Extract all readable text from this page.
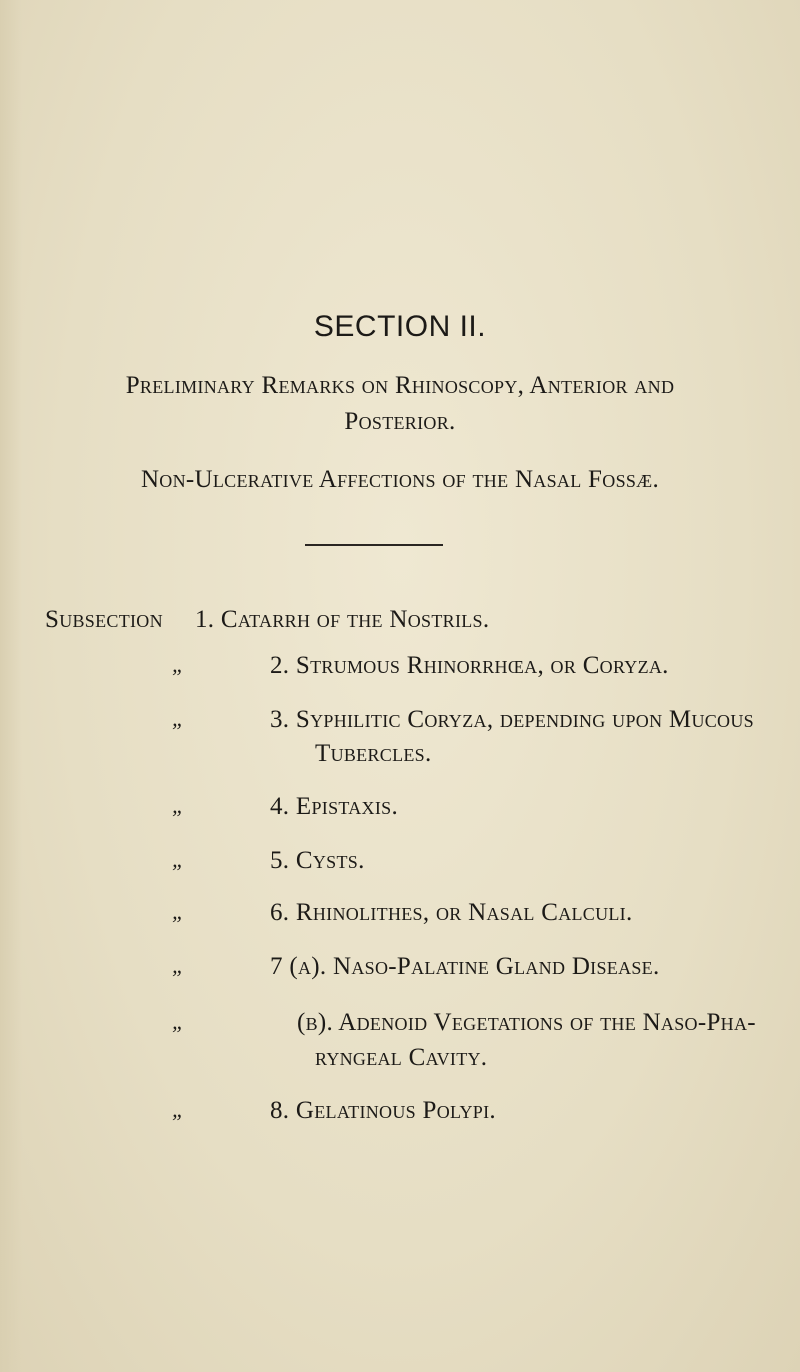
SECTION II.
Preliminary Remarks on Rhinoscopy, Anterior and
Posterior.
Non-Ulcerative Affections of the Nasal Fossæ.
Subsection 1. Catarrh of the Nostrils.
„	2. Strumous Rhinorrhœa, or Coryza.
„	3. Syphilitic Coryza, depending upon Mucous
Tubercles.
„	4. Epistaxis.
„	5. Cysts.
„	6. Rhinolithes, or Nasal Calculi.
„	7 (a). Naso-Palatine Gland Disease.
„	(b). Adenoid Vegetations of the Naso-Pha-
ryngeal Cavity.
„	8. Gelatinous Polypi.
